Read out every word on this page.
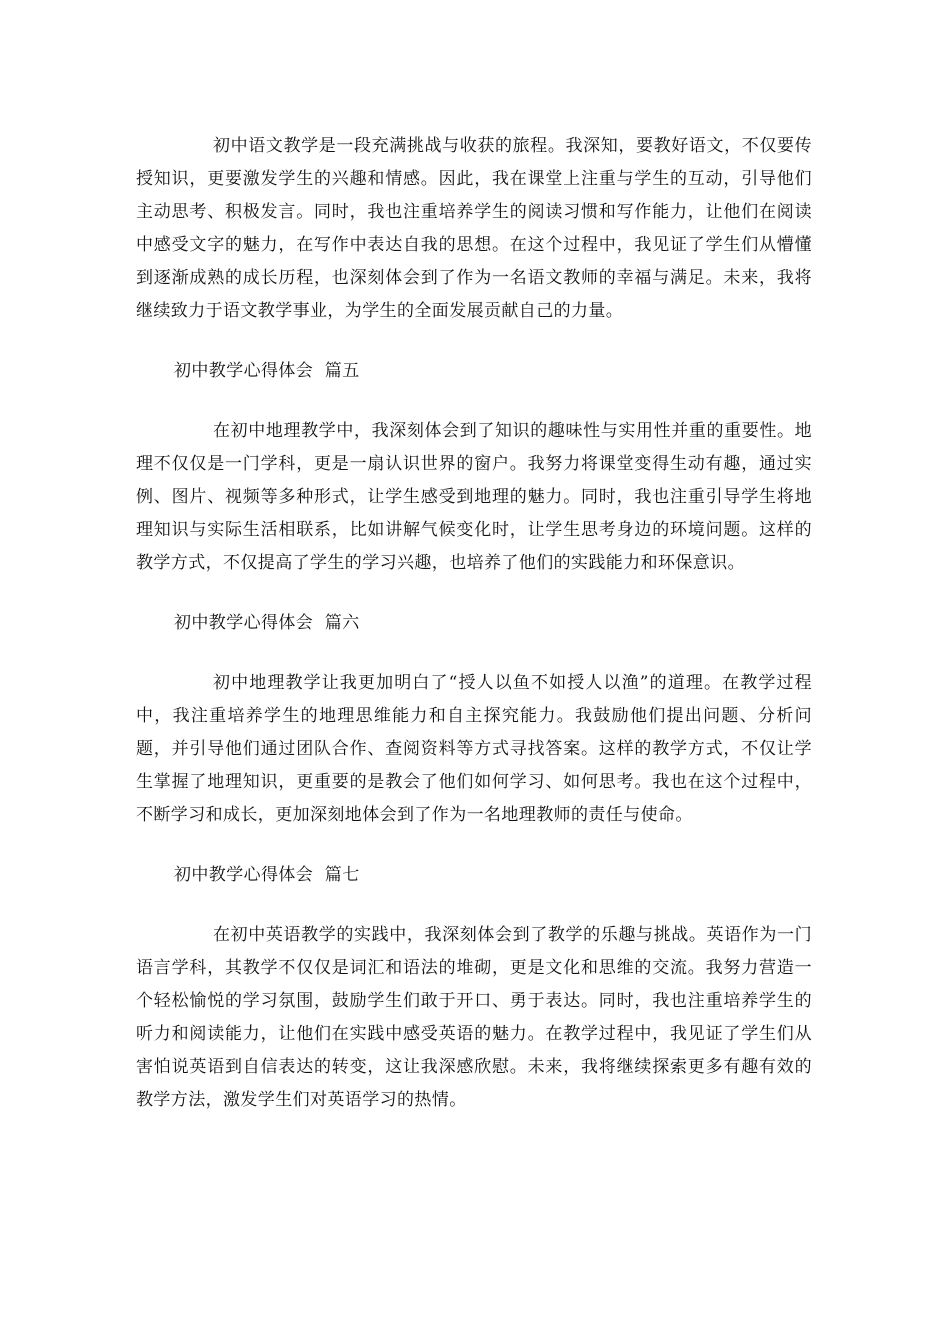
初中语文教学是一段充满挑战与收获的旅程。我深知，要教好语文，不仅要传授知识，更要激发学生的兴趣和情感。因此，我在课堂上注重与学生的互动，引导他们主动思考、积极发言。同时，我也注重培养学生的阅读习惯和写作能力，让他们在阅读中感受文字的魅力，在写作中表达自我的思想。在这个过程中，我见证了学生们从懵懂到逐渐成熟的成长历程，也深刻体会到了作为一名语文教师的幸福与满足。未来，我将继续致力于语文教学事业，为学生的全面发展贡献自己的力量。

初中教学心得体会  篇五

在初中地理教学中，我深刻体会到了知识的趣味性与实用性并重的重要性。地理不仅仅是一门学科，更是一扇认识世界的窗户。我努力将课堂变得生动有趣，通过实例、图片、视频等多种形式，让学生感受到地理的魅力。同时，我也注重引导学生将地理知识与实际生活相联系，比如讲解气候变化时，让学生思考身边的环境问题。这样的教学方式，不仅提高了学生的学习兴趣，也培养了他们的实践能力和环保意识。

初中教学心得体会  篇六

初中地理教学让我更加明白了“授人以鱼不如授人以渔”的道理。在教学过程中，我注重培养学生的地理思维能力和自主探究能力。我鼓励他们提出问题、分析问题，并引导他们通过团队合作、查阅资料等方式寻找答案。这样的教学方式，不仅让学生掌握了地理知识，更重要的是教会了他们如何学习、如何思考。我也在这个过程中，不断学习和成长，更加深刻地体会到了作为一名地理教师的责任与使命。

初中教学心得体会  篇七

在初中英语教学的实践中，我深刻体会到了教学的乐趣与挑战。英语作为一门语言学科，其教学不仅仅是词汇和语法的堆砌，更是文化和思维的交流。我努力营造一个轻松愉悦的学习氛围，鼓励学生们敢于开口、勇于表达。同时，我也注重培养学生的听力和阅读能力，让他们在实践中感受英语的魅力。在教学过程中，我见证了学生们从害怕说英语到自信表达的转变，这让我深感欣慰。未来，我将继续探索更多有趣有效的教学方法，激发学生们对英语学习的热情。
